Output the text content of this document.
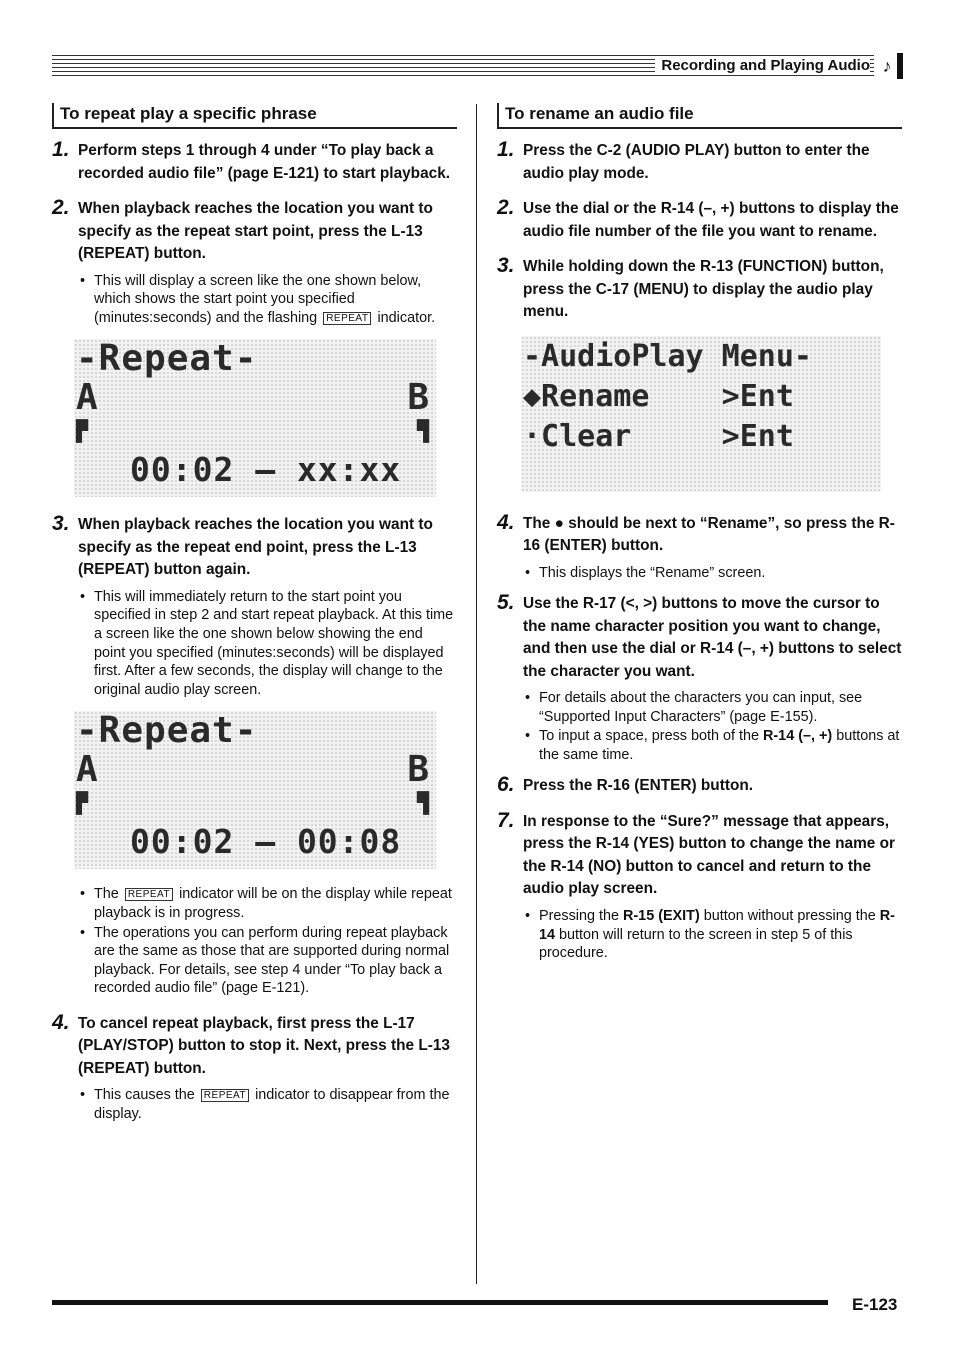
Recording and Playing Audio ♪
To repeat play a specific phrase
1. Perform steps 1 through 4 under “To play back a recorded audio file” (page E-121) to start playback.
2. When playback reaches the location you want to specify as the repeat start point, press the L-13 (REPEAT) button.
• This will display a screen like the one shown below, which shows the start point you specified (minutes:seconds) and the flashing REPEAT indicator.
-Repeat-
A	B
▛	▜
00:02 — xx:xx
3. When playback reaches the location you want to specify as the repeat end point, press the L-13 (REPEAT) button again.
• This will immediately return to the start point you specified in step 2 and start repeat playback. At this time a screen like the one shown below showing the end point you specified (minutes:seconds) will be displayed first. After a few seconds, the display will change to the original audio play screen.
-Repeat-
A	B
▛	▜
00:02 — 00:08
• The REPEAT indicator will be on the display while repeat playback is in progress.
• The operations you can perform during repeat playback are the same as those that are supported during normal playback. For details, see step 4 under “To play back a recorded audio file” (page E-121).
4. To cancel repeat playback, first press the L-17 (PLAY/STOP) button to stop it. Next, press the L-13 (REPEAT) button.
• This causes the REPEAT indicator to disappear from the display.
To rename an audio file
1. Press the C-2 (AUDIO PLAY) button to enter the audio play mode.
2. Use the dial or the R-14 (–, +) buttons to display the audio file number of the file you want to rename.
3. While holding down the R-13 (FUNCTION) button, press the C-17 (MENU) to display the audio play menu.
-AudioPlay Menu-
◆Rename    >Ent
·Clear     >Ent
4. The ● should be next to “Rename”, so press the R-16 (ENTER) button.
• This displays the “Rename” screen.
5. Use the R-17 (<, >) buttons to move the cursor to the name character position you want to change, and then use the dial or R-14 (–, +) buttons to select the character you want.
• For details about the characters you can input, see “Supported Input Characters” (page E-155).
• To input a space, press both of the R-14 (–, +) buttons at the same time.
6. Press the R-16 (ENTER) button.
7. In response to the “Sure?” message that appears, press the R-14 (YES) button to change the name or the R-14 (NO) button to cancel and return to the audio play screen.
• Pressing the R-15 (EXIT) button without pressing the R-14 button will return to the screen in step 5 of this procedure.
E-123
